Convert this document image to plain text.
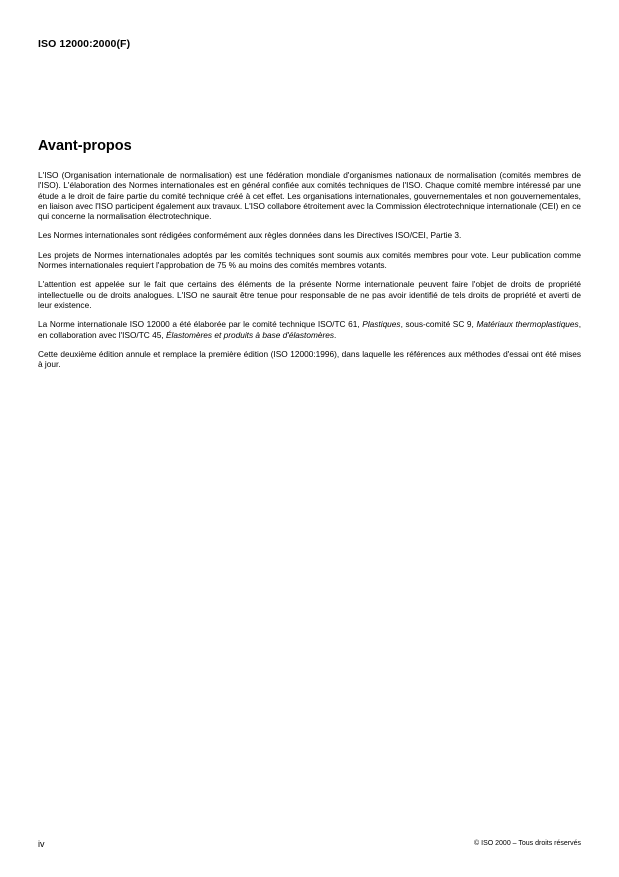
ISO 12000:2000(F)
Avant-propos

L'ISO (Organisation internationale de normalisation) est une fédération mondiale d'organismes nationaux de normalisation (comités membres de l'ISO). L'élaboration des Normes internationales est en général confiée aux comités techniques de l'ISO. Chaque comité membre intéressé par une étude a le droit de faire partie du comité technique créé à cet effet. Les organisations internationales, gouvernementales et non gouvernementales, en liaison avec l'ISO participent également aux travaux. L'ISO collabore étroitement avec la Commission électrotechnique internationale (CEI) en ce qui concerne la normalisation électrotechnique.

Les Normes internationales sont rédigées conformément aux règles données dans les Directives ISO/CEI, Partie 3.

Les projets de Normes internationales adoptés par les comités techniques sont soumis aux comités membres pour vote. Leur publication comme Normes internationales requiert l'approbation de 75 % au moins des comités membres votants.

L'attention est appelée sur le fait que certains des éléments de la présente Norme internationale peuvent faire l'objet de droits de propriété intellectuelle ou de droits analogues. L'ISO ne saurait être tenue pour responsable de ne pas avoir identifié de tels droits de propriété et averti de leur existence.

La Norme internationale ISO 12000 a été élaborée par le comité technique ISO/TC 61, Plastiques, sous-comité SC 9, Matériaux thermoplastiques, en collaboration avec l'ISO/TC 45, Élastomères et produits à base d'élastomères.

Cette deuxième édition annule et remplace la première édition (ISO 12000:1996), dans laquelle les références aux méthodes d'essai ont été mises à jour.

iv	© ISO 2000 – Tous droits réservés
